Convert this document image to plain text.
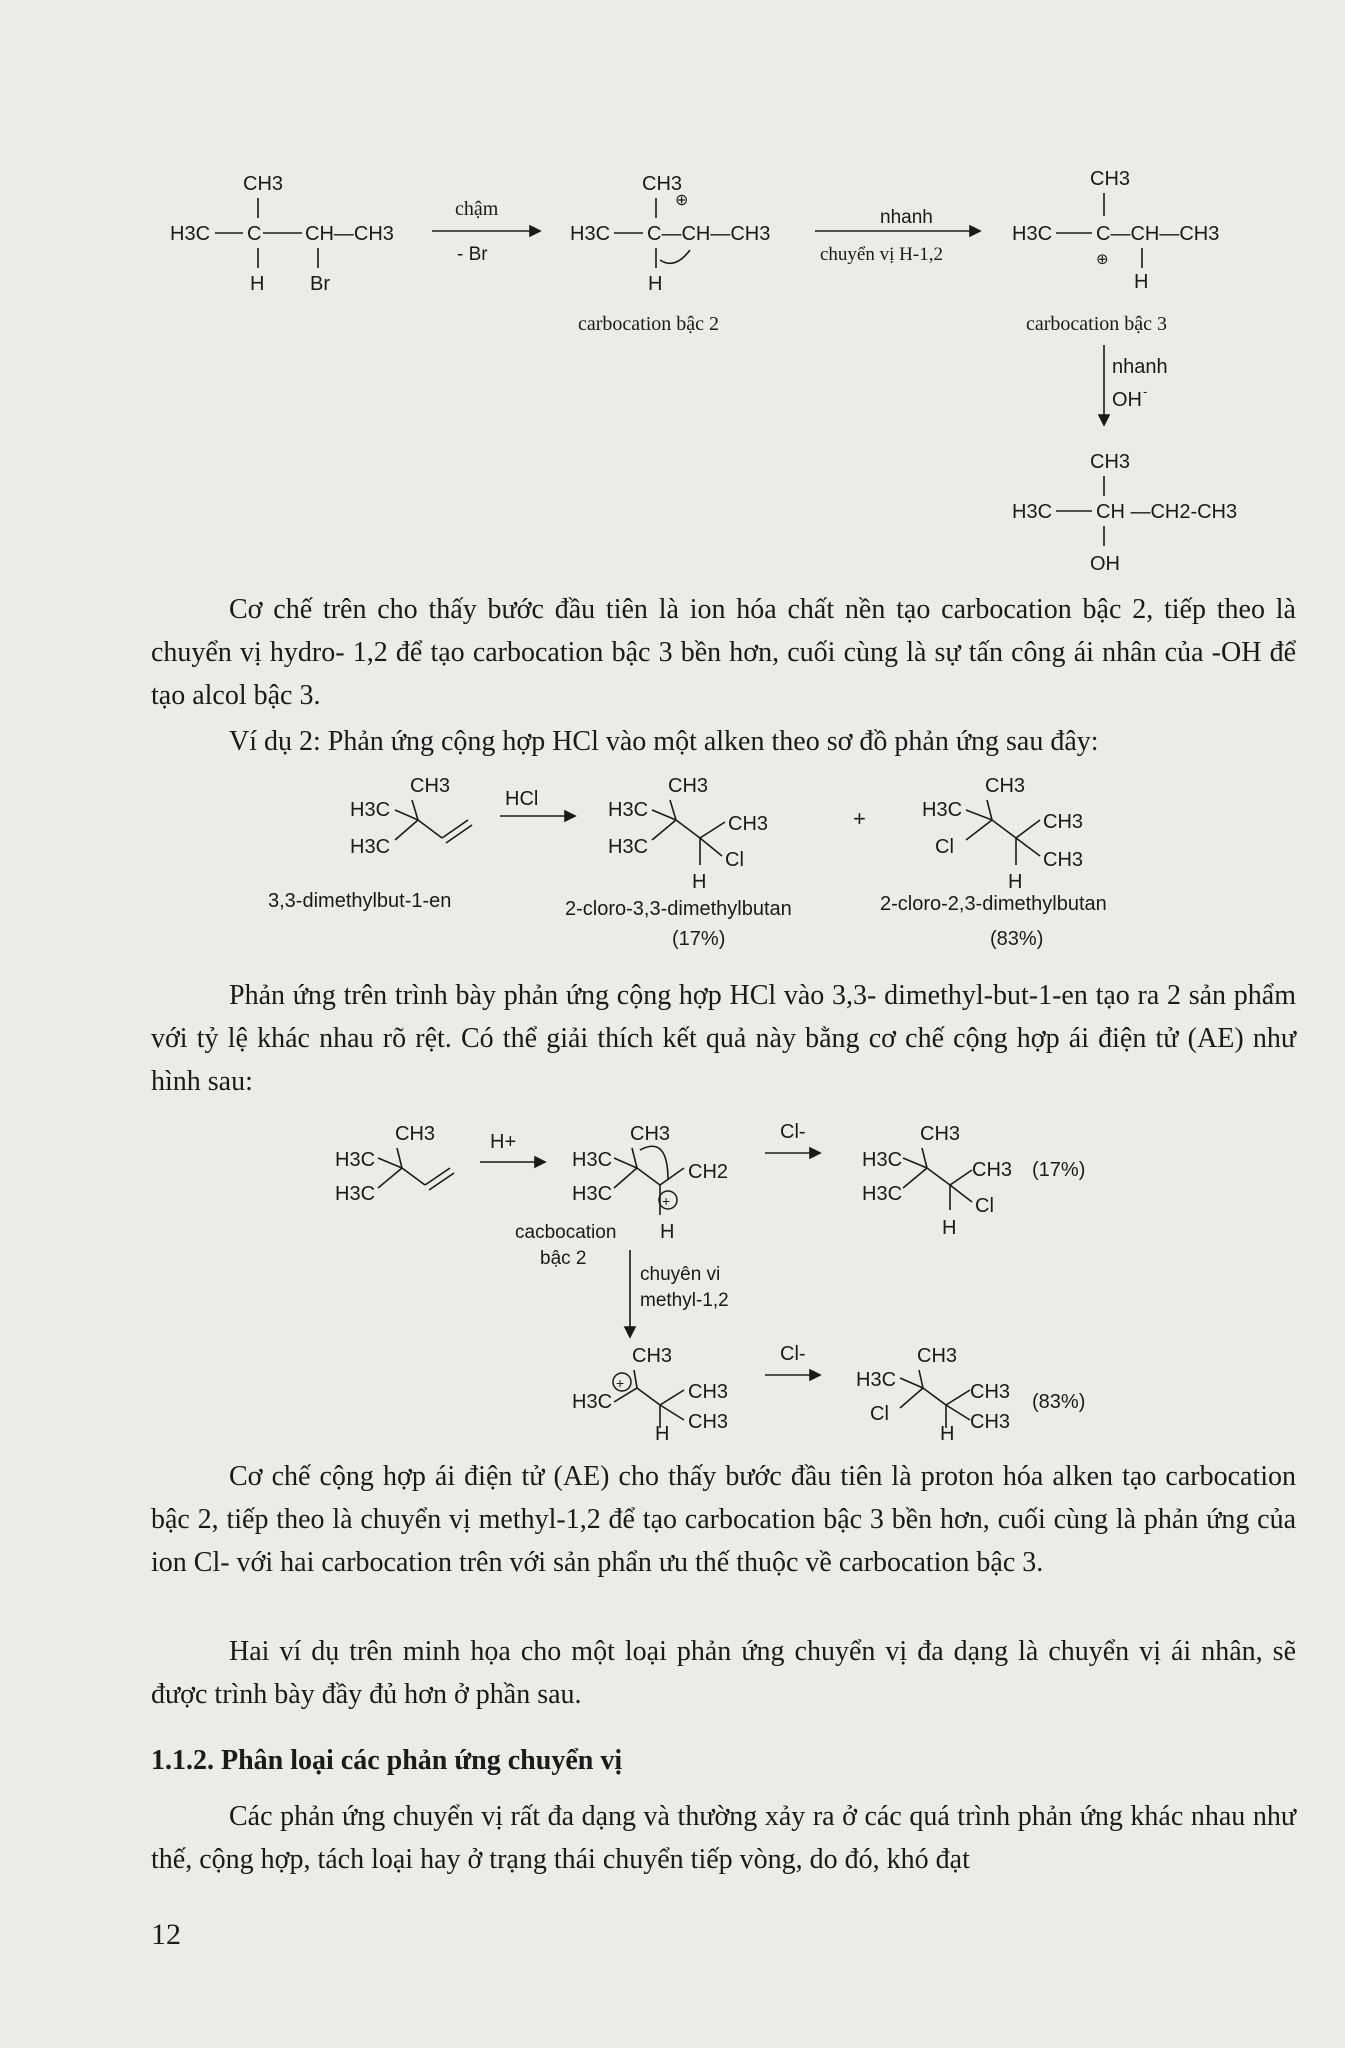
CH3
H3C C CH—CH3
H Br
chậm
- Br
CH3
⊕
H3C C—CH—CH3
H
carbocation bậc 2
nhanh
chuyển vị H-1,2
CH3
H3C C—CH—CH3
⊕
H
carbocation bậc 3
nhanh
OH -
CH3
H3C CH —CH2-CH3
OH

Cơ chế trên cho thấy bước đầu tiên là ion hóa chất nền tạo carbocation bậc 2, tiếp theo là chuyển vị hydro- 1,2 để tạo carbocation bậc 3 bền hơn, cuối cùng là sự tấn công ái nhân của -OH để tạo alcol bậc 3.

Ví dụ 2: Phản ứng cộng hợp HCl vào một alken theo sơ đồ phản ứng sau đây:

CH3
H3C
H3C
HCl
CH3
H3C
H3C
CH3
Cl
H
+
CH3
H3C
Cl
CH3
CH3
H
3,3-dimethylbut-1-en	2-cloro-3,3-dimethylbutan
(17%)
2-cloro-2,3-dimethylbutan
(83%)

Phản ứng trên trình bày phản ứng cộng hợp HCl vào 3,3- dimethyl-but-1-en tạo ra 2 sản phẩm với tỷ lệ khác nhau rõ rệt. Có thể giải thích kết quả này bằng cơ chế cộng hợp ái điện tử (AE) như hình sau:

CH3
H3C
H3C
H+	CH3
H3C
H3C
CH2
+
H
cacbocation
bậc 2
Cl-	CH3
H3C
H3C
CH3
Cl
H
(17%)
chuyên vi
methyl-1,2
CH3
H3C
+	CH3
CH3
H
Cl-	CH3
H3C
Cl
CH3
CH3
H
(83%)

Cơ chế cộng hợp ái điện tử (AE) cho thấy bước đầu tiên là proton hóa alken tạo carbocation bậc 2, tiếp theo là chuyển vị methyl-1,2 để tạo carbocation bậc 3 bền hơn, cuối cùng là phản ứng của ion Cl- với hai carbocation trên với sản phẩn ưu thế thuộc về carbocation bậc 3.

Hai ví dụ trên minh họa cho một loại phản ứng chuyển vị đa dạng là chuyển vị ái nhân, sẽ được trình bày đầy đủ hơn ở phần sau.

1.1.2. Phân loại các phản ứng chuyển vị

Các phản ứng chuyển vị rất đa dạng và thường xảy ra ở các quá trình phản ứng khác nhau như thế, cộng hợp, tách loại hay ở trạng thái chuyển tiếp vòng, do đó, khó đạt

12
